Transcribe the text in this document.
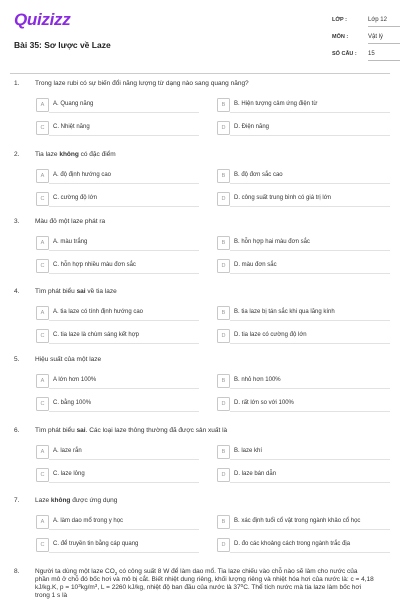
Quizizz
Bài 35: Sơ lược về Laze
LỚP :	Lớp 12
MÔN :	Vật lý
SỐ CÂU : 15
1. Trong laze rubi có sự biến đổi năng lượng từ dạng nào sang quang năng?
A	A. Quang năng	B	B. Hiện tượng cảm ứng điện từ
C	C. Nhiệt năng	D	D. Điện năng
2. Tia laze không có đặc điểm
A	A. độ định hướng cao	B	B. độ đơn sắc cao
C	C. cường độ lớn	D	D. công suất trung bình có giá trị lớn
3. Màu đỏ một laze phát ra
A	A. màu trắng	B	B. hỗn hợp hai màu đơn sắc
C	C. hỗn hợp nhiều màu đơn sắc	D	D. màu đơn sắc
4. Tìm phát biểu sai về tia laze
A	A. tia laze có tính định hướng cao	B	B. tia laze bị tán sắc khi qua lăng kính
C	C. tia laze là chùm sáng kết hợp	D	D. tia laze có cường độ lớn
5. Hiệu suất của một laze
A	A lớn hơn 100%	B	B. nhỏ hơn 100%
C	C. bằng 100%	D	D. rất lớn so với 100%
6. Tìm phát biểu sai. Các loại laze thông thường đã được sản xuất là
A	A. laze rắn	B	B. laze khí
C	C. laze lỏng	D	D. laze bán dẫn
7. Laze không được ứng dụng
A	A. làm dao mổ trong y học	B	B. xác định tuổi cổ vật trong ngành khảo cổ học
C	C. để truyền tin bằng cáp quang	D	D. đo các khoảng cách trong ngành trắc địa
8. Người ta dùng một laze $CO_2$ có công suất 8 W để làm dao mổ. Tia laze chiếu vào chỗ nào sẽ làm cho nước của
phần mô ở chỗ đó bốc hơi và mô bị cắt. Biết nhiệt dung riêng, khối lượng riêng và nhiệt hóa hơi của nước là: c = 4,18
kJ/kg.K, $p = 10^3kg/m^3$, L = 2260 kJ/kg, nhiệt độ ban đầu của nước là $37^0C$. Thể tích nước mà tia laze làm bốc hơi
trong 1 s là
